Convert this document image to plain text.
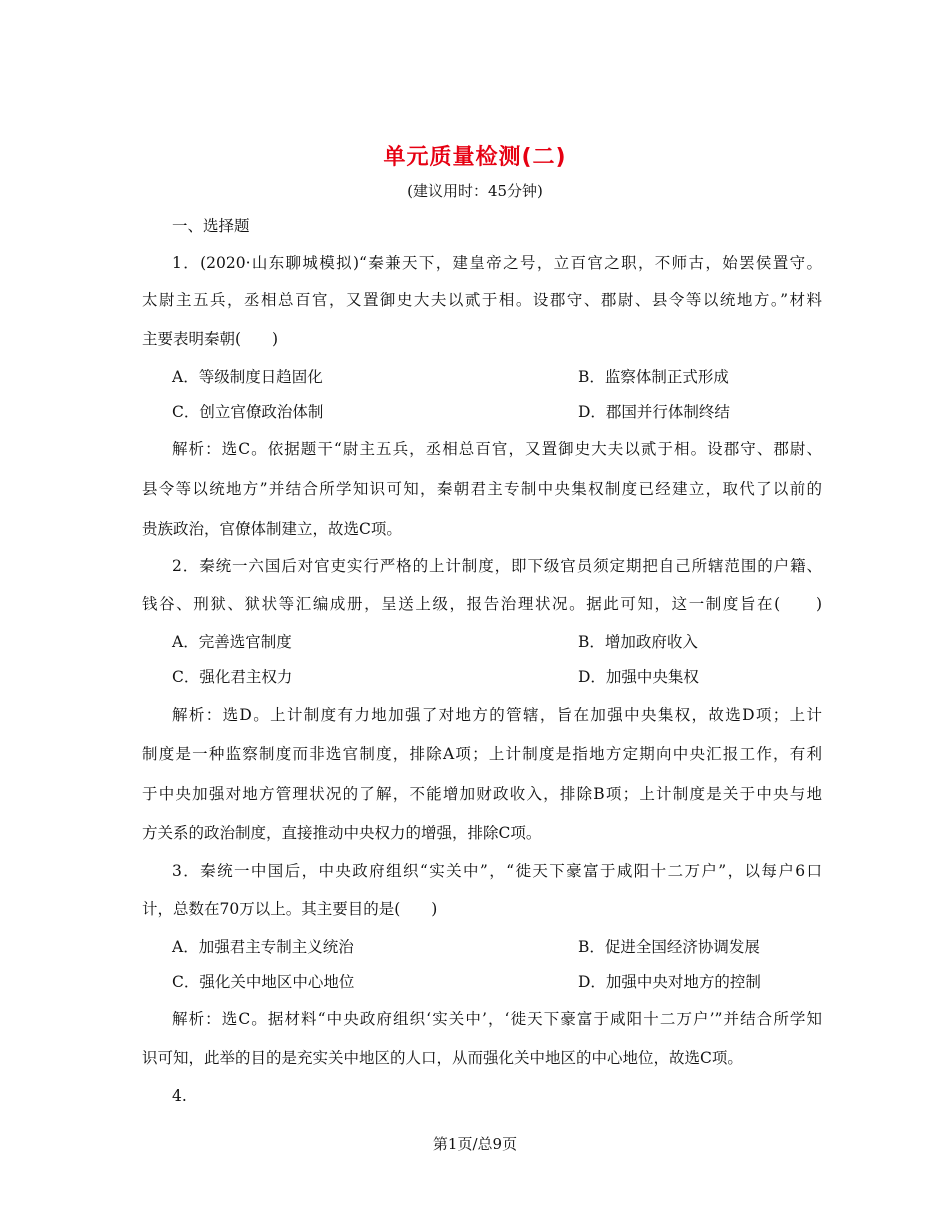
单元质量检测(二)
(建议用时：45分钟)
一、选择题
1．(2020·山东聊城模拟)“秦兼天下，建皇帝之号，立百官之职，不师古，始罢侯置守。
太尉主五兵，丞相总百官，又置御史大夫以贰于相。设郡守、郡尉、县令等以统地方。”材料
主要表明秦朝(　　)
A．等级制度日趋固化	B．监察体制正式形成
C．创立官僚政治体制	D．郡国并行体制终结
解析：选C。依据题干“尉主五兵，丞相总百官，又置御史大夫以贰于相。设郡守、郡尉、
县令等以统地方”并结合所学知识可知，秦朝君主专制中央集权制度已经建立，取代了以前的
贵族政治，官僚体制建立，故选C项。
2．秦统一六国后对官吏实行严格的上计制度，即下级官员须定期把自己所辖范围的户籍、
钱谷、刑狱、狱状等汇编成册，呈送上级，报告治理状况。据此可知，这一制度旨在(　　)
A．完善选官制度	B．增加政府收入
C．强化君主权力	D．加强中央集权
解析：选D。上计制度有力地加强了对地方的管辖，旨在加强中央集权，故选D项；上计
制度是一种监察制度而非选官制度，排除A项；上计制度是指地方定期向中央汇报工作，有利
于中央加强对地方管理状况的了解，不能增加财政收入，排除B项；上计制度是关于中央与地
方关系的政治制度，直接推动中央权力的增强，排除C项。
3．秦统一中国后，中央政府组织“实关中”，“徙天下豪富于咸阳十二万户”，以每户6口
计，总数在70万以上。其主要目的是(　　)
A．加强君主专制主义统治	B．促进全国经济协调发展
C．强化关中地区中心地位	D．加强中央对地方的控制
解析：选C。据材料“中央政府组织‘实关中’，‘徙天下豪富于咸阳十二万户’”并结合所学知
识可知，此举的目的是充实关中地区的人口，从而强化关中地区的中心地位，故选C项。
4.
第1页/总9页
